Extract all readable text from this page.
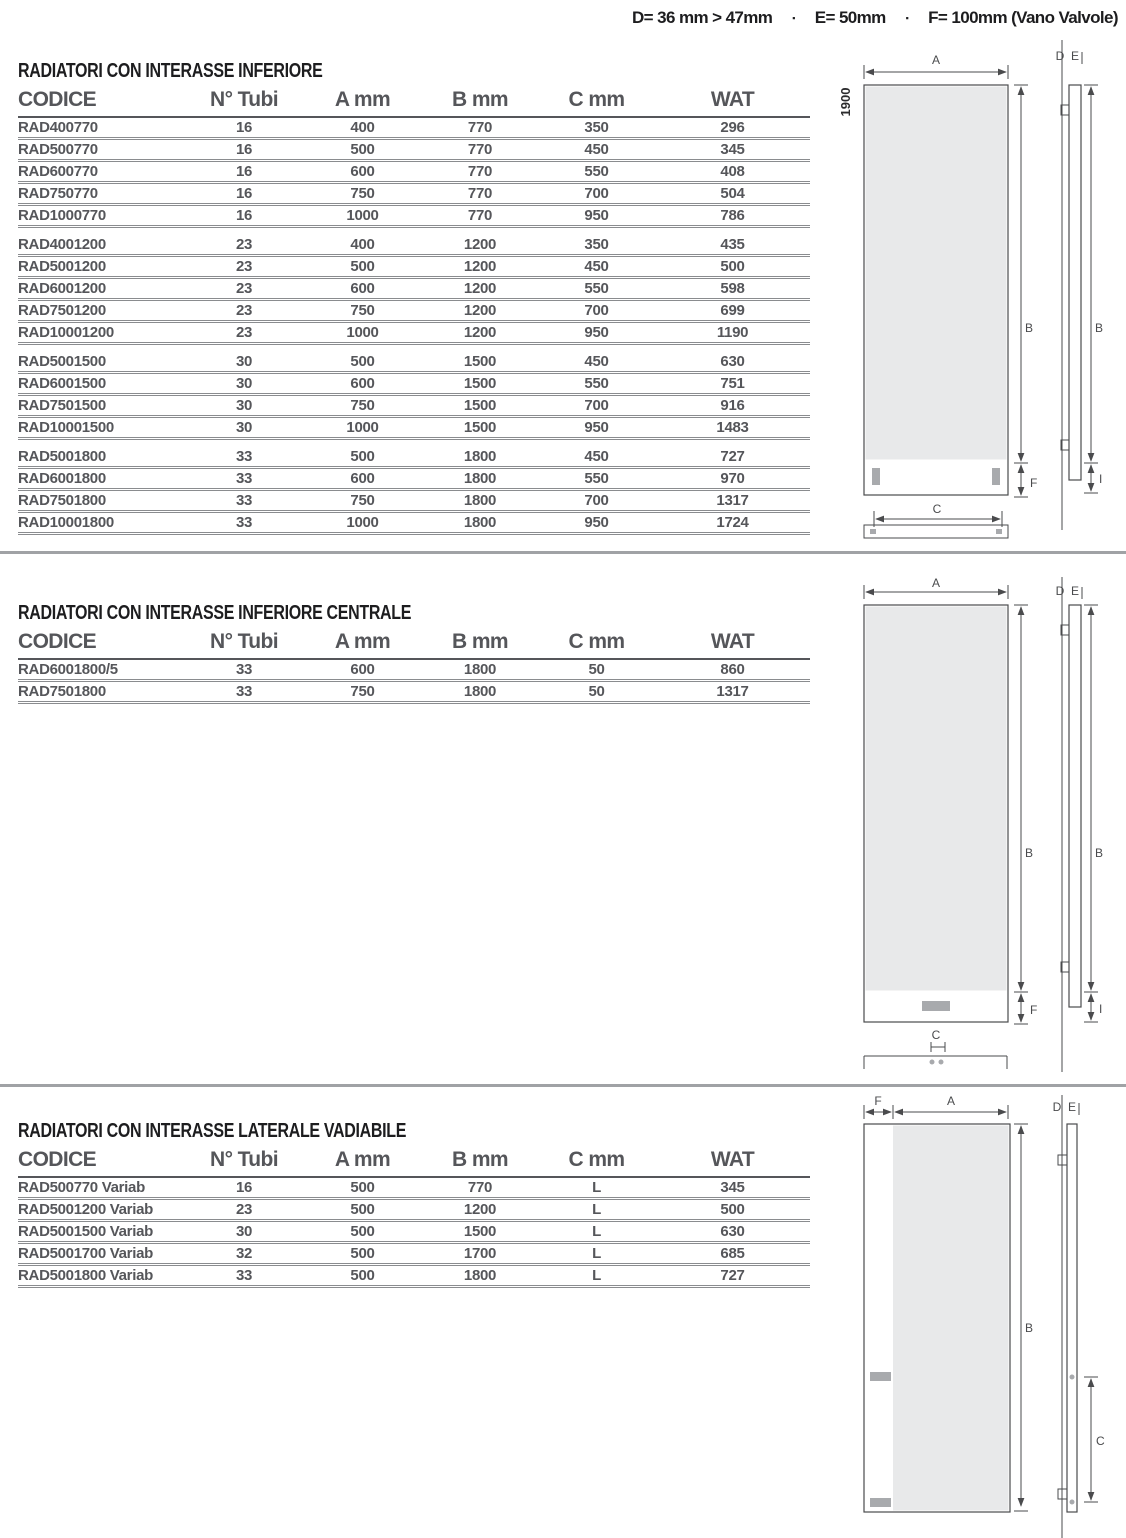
D= 36 mm > 47mm ▪ E= 50mm ▪ F= 100mm (Vano Valvole)
RADIATORI CON INTERASSE INFERIORE
CODICE	N° Tubi	A mm	B mm	C mm	WAT
RAD400770	16	400	770	350	296
RAD500770	16	500	770	450	345
RAD600770	16	600	770	550	408
RAD750770	16	750	770	700	504
RAD1000770	16	1000	770	950	786

RAD4001200	23	400	1200	350	435
RAD5001200	23	500	1200	450	500
RAD6001200	23	600	1200	550	598
RAD7501200	23	750	1200	700	699
RAD10001200	23	1000	1200	950	1190

RAD5001500	30	500	1500	450	630
RAD6001500	30	600	1500	550	751
RAD7501500	30	750	1500	700	916
RAD10001500	30	1000	1500	950	1483

RAD5001800	33	500	1800	450	727
RAD6001800	33	600	1800	550	970
RAD7501800	33	750	1800	700	1317
RAD10001800	33	1000	1800	950	1724
RADIATORI CON INTERASSE INFERIORE CENTRALE
CODICE	N° Tubi	A mm	B mm	C mm	WAT
RAD6001800/5	33	600	1800	50	860
RAD7501800	33	750	1800	50	1317
RADIATORI CON INTERASSE LATERALE VADIABILE
CODICE	N° Tubi	A mm	B mm	C mm	WAT
RAD500770 Variab	16	500	770	L	345
RAD5001200 Variab	23	500	1200	L	500
RAD5001500 Variab	30	500	1500	L	630
RAD5001700 Variab	32	500	1700	L	685
RAD5001800 Variab	33	500	1800	L	727
A
1900
B
F
C
D E
B
I
A
B
F
C
D E
B
I
F	A
B
D E
C
